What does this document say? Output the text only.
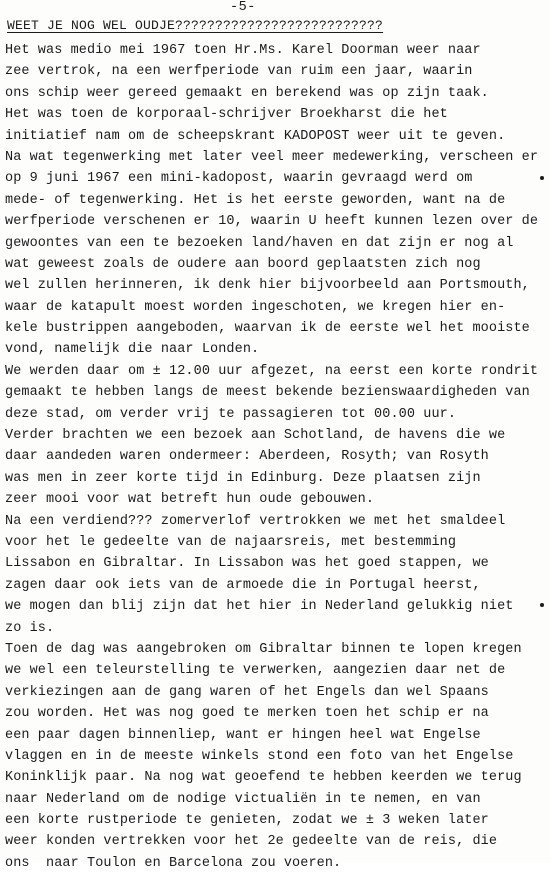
-5-
WEET JE NOG WEL OUDJE??????????????????????????
Het was medio mei 1967 toen Hr.Ms. Karel Doorman weer naar
zee vertrok, na een werfperiode van ruim een jaar, waarin
ons schip weer gereed gemaakt en berekend was op zijn taak.
Het was toen de korporaal-schrijver Broekharst die het
initiatief nam om de scheepskrant KADOPOST weer uit te geven.
Na wat tegenwerking met later veel meer medewerking, verscheen er
op 9 juni 1967 een mini-kadopost, waarin gevraagd werd om
mede- of tegenwerking. Het is het eerste geworden, want na de
werfperiode verschenen er 10, waarin U heeft kunnen lezen over de
gewoontes van een te bezoeken land/haven en dat zijn er nog al
wat geweest zoals de oudere aan boord geplaatsten zich nog
wel zullen herinneren, ik denk hier bijvoorbeeld aan Portsmouth,
waar de katapult moest worden ingeschoten, we kregen hier en-
kele bustrippen aangeboden, waarvan ik de eerste wel het mooiste
vond, namelijk die naar Londen.
We werden daar om ± 12.00 uur afgezet, na eerst een korte rondrit
gemaakt te hebben langs de meest bekende bezienswaardigheden van
deze stad, om verder vrij te passagieren tot 00.00 uur.
Verder brachten we een bezoek aan Schotland, de havens die we
daar aandeden waren ondermeer: Aberdeen, Rosyth; van Rosyth
was men in zeer korte tijd in Edinburg. Deze plaatsen zijn
zeer mooi voor wat betreft hun oude gebouwen.
Na een verdiend??? zomerverlof vertrokken we met het smaldeel
voor het le gedeelte van de najaarsreis, met bestemming
Lissabon en Gibraltar. In Lissabon was het goed stappen, we
zagen daar ook iets van de armoede die in Portugal heerst,
we mogen dan blij zijn dat het hier in Nederland gelukkig niet
zo is.
Toen de dag was aangebroken om Gibraltar binnen te lopen kregen
we wel een teleurstelling te verwerken, aangezien daar net de
verkiezingen aan de gang waren of het Engels dan wel Spaans
zou worden. Het was nog goed te merken toen het schip er na
een paar dagen binnenliep, want er hingen heel wat Engelse
vlaggen en in de meeste winkels stond een foto van het Engelse
Koninklijk paar. Na nog wat geoefend te hebben keerden we terug
naar Nederland om de nodige victualiën in te nemen, en van
een korte rustperiode te genieten, zodat we ± 3 weken later
weer konden vertrekken voor het 2e gedeelte van de reis, die
ons  naar Toulon en Barcelona zou voeren.
